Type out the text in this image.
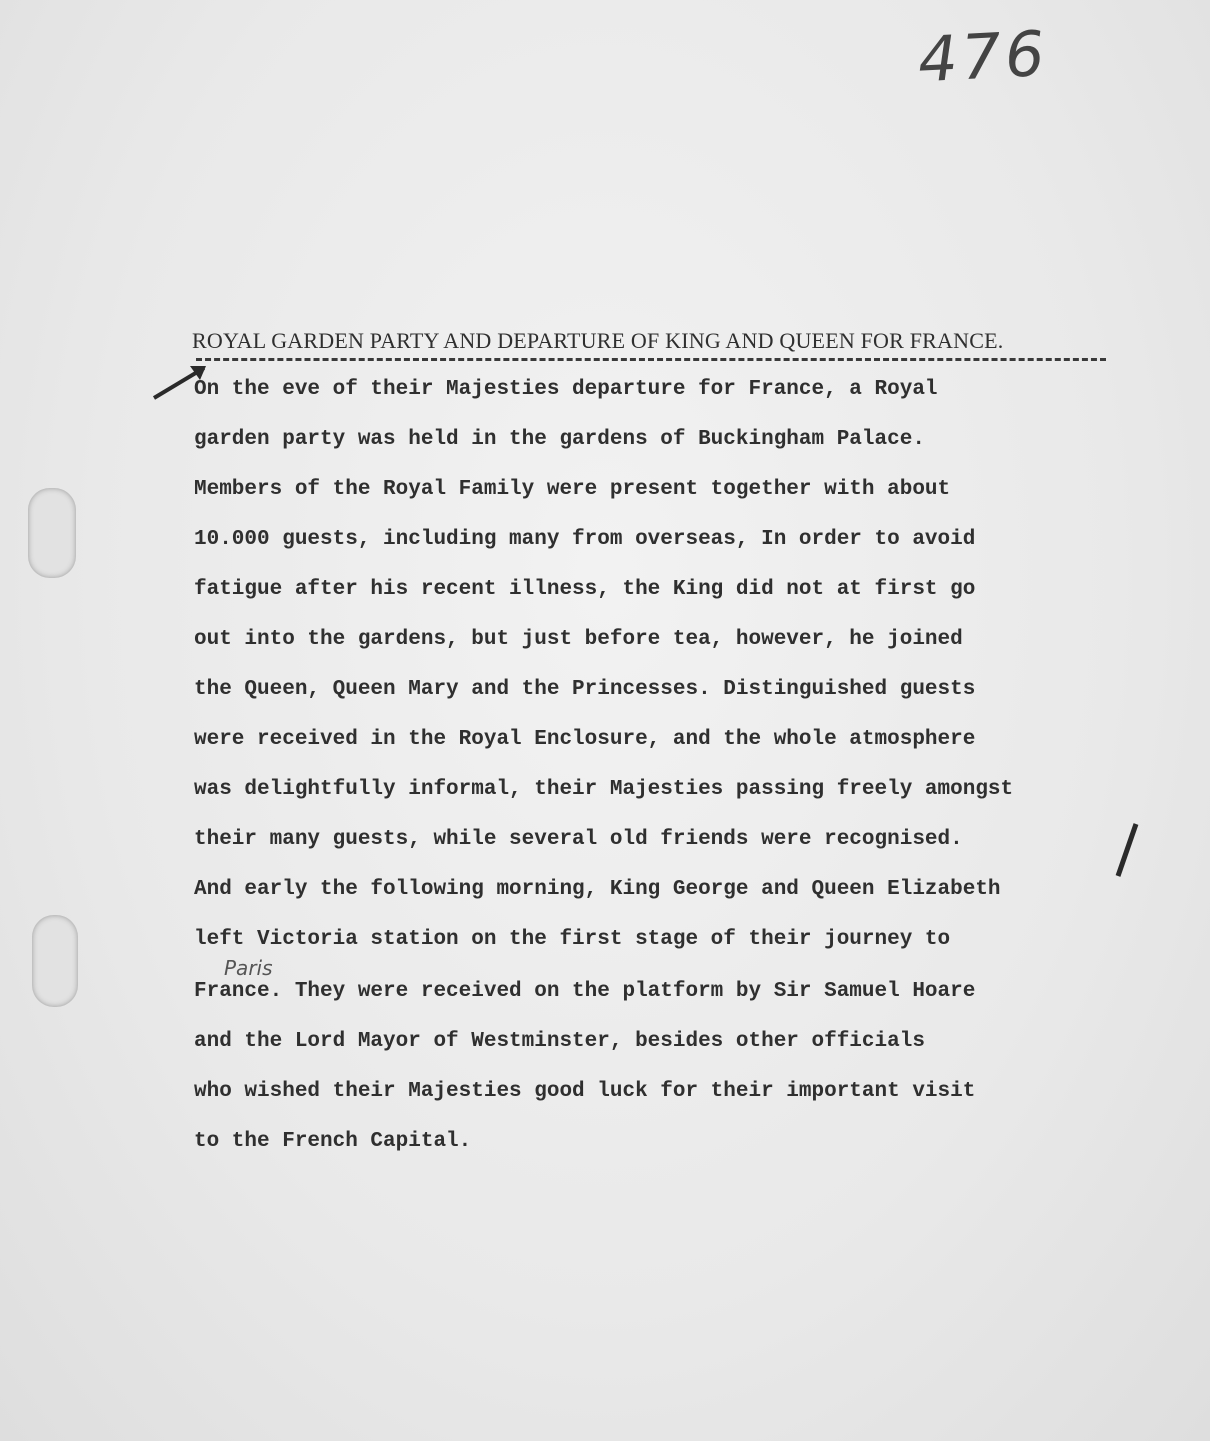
476
ROYAL GARDEN PARTY AND DEPARTURE OF KING AND QUEEN FOR FRANCE.

On the eve of their Majesties departure for France, a Royal

garden party was held in the gardens of Buckingham Palace.

Members of the Royal Family were present together with about

10.000 guests, including many from overseas, In order to avoid

fatigue after his recent illness, the King did not at first go

out into the gardens, but just before tea, however, he joined

the Queen, Queen Mary and the Princesses. Distinguished guests

were received in the Royal Enclosure, and the whole atmosphere

was delightfully informal, their Majesties passing freely amongst

their many guests, while several old friends were recognised.

And early the following morning, King George and Queen Elizabeth

left Victoria station on the first stage of their journey to

France. They were received on the platform by Sir Samuel Hoare

and the Lord Mayor of Westminster, besides other officials

who wished their Majesties good luck for their important visit

to the French Capital.

Paris
